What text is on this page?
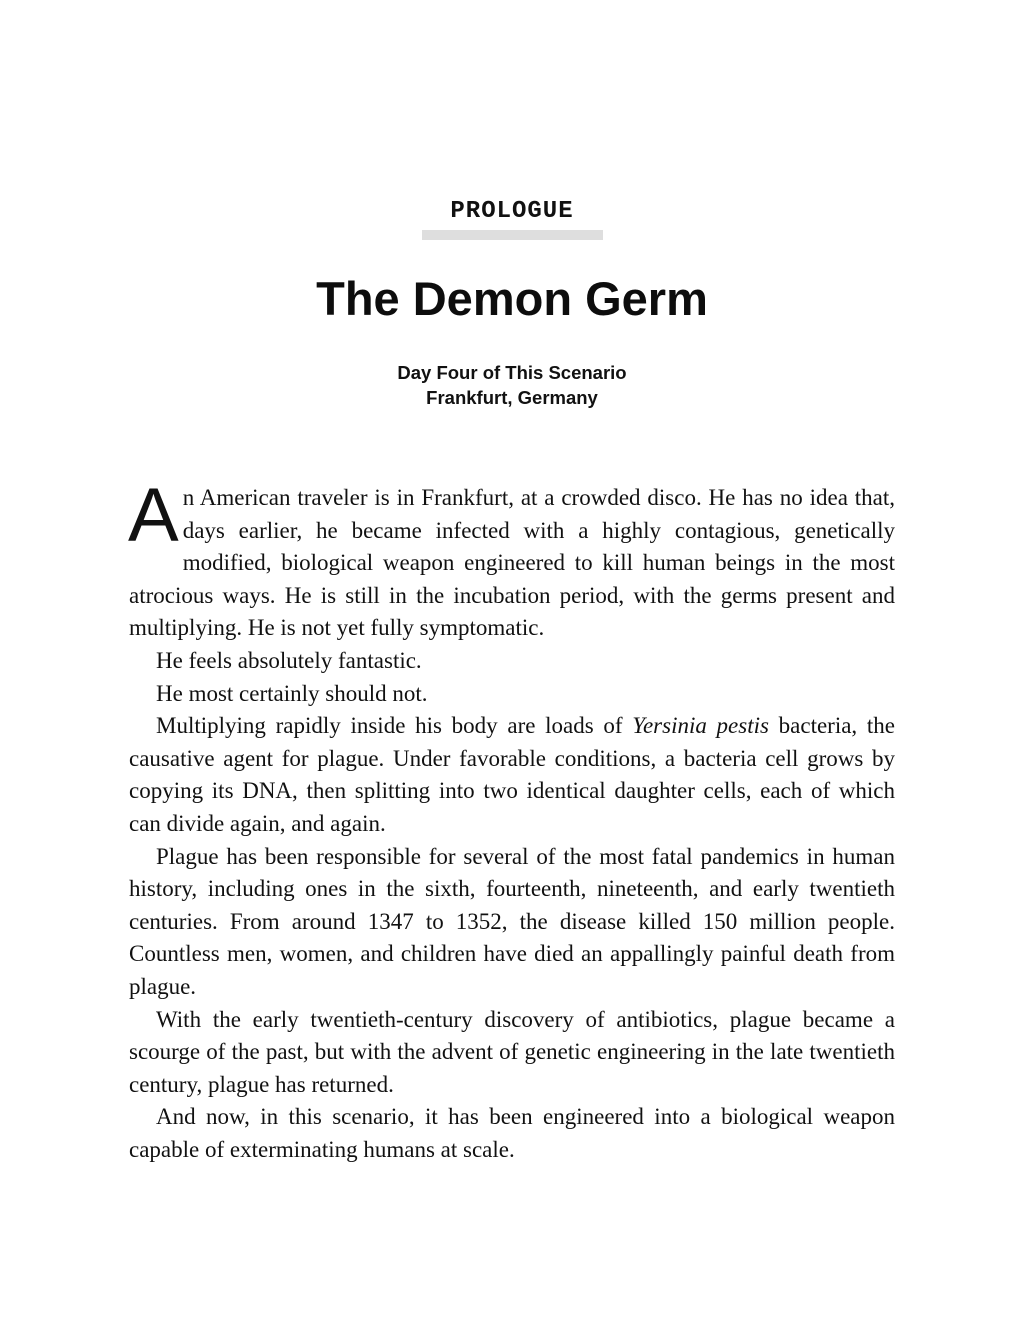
PROLOGUE
The Demon Germ
Day Four of This Scenario
Frankfurt, Germany

An American traveler is in Frankfurt, at a crowded disco. He has no idea that, days earlier, he became infected with a highly contagious, genetically modified, biological weapon engineered to kill human beings in the most atrocious ways. He is still in the incubation period, with the germs present and multiplying. He is not yet fully symptomatic.

He feels absolutely fantastic.

He most certainly should not.

Multiplying rapidly inside his body are loads of Yersinia pestis bacteria, the causative agent for plague. Under favorable conditions, a bacteria cell grows by copying its DNA, then splitting into two identical daughter cells, each of which can divide again, and again.

Plague has been responsible for several of the most fatal pandemics in human history, including ones in the sixth, fourteenth, nineteenth, and early twentieth centuries. From around 1347 to 1352, the disease killed 150 million people. Countless men, women, and children have died an appallingly painful death from plague.

With the early twentieth-century discovery of antibiotics, plague became a scourge of the past, but with the advent of genetic engineering in the late twentieth century, plague has returned.

And now, in this scenario, it has been engineered into a biological weapon capable of exterminating humans at scale.
